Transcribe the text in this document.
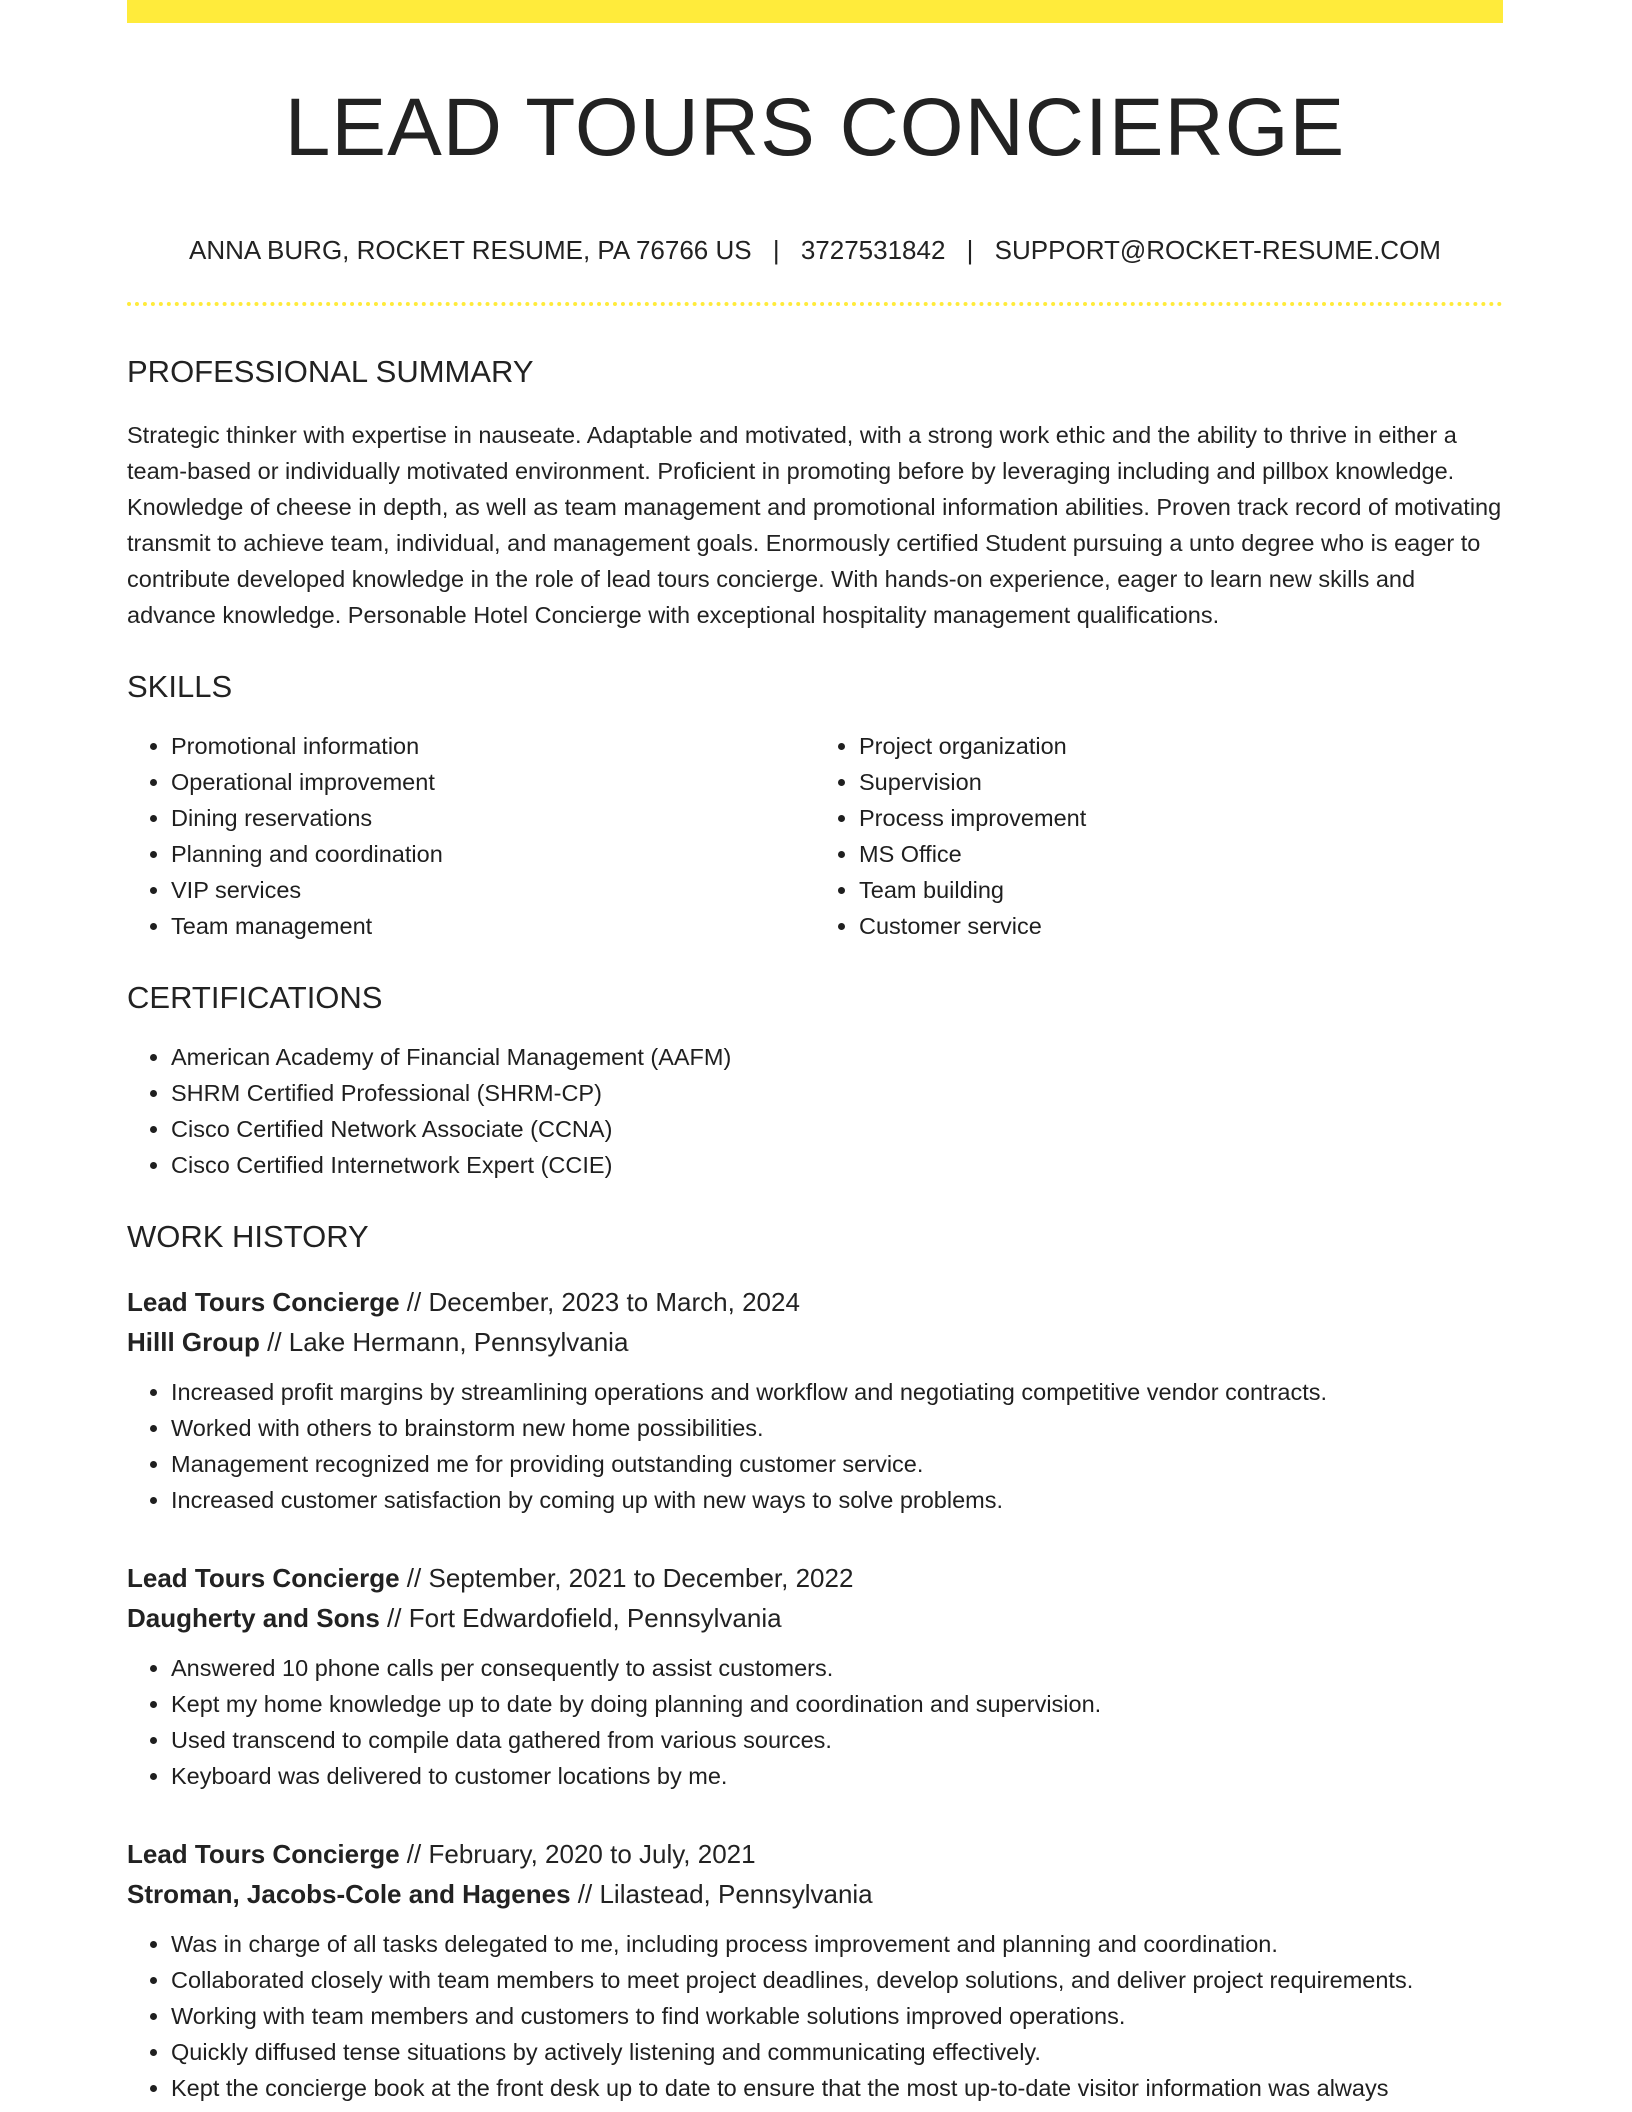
LEAD TOURS CONCIERGE
ANNA BURG, ROCKET RESUME, PA 76766 US | 3727531842 | SUPPORT@ROCKET-RESUME.COM
PROFESSIONAL SUMMARY
Strategic thinker with expertise in nauseate. Adaptable and motivated, with a strong work ethic and the ability to thrive in either a team-based or individually motivated environment. Proficient in promoting before by leveraging including and pillbox knowledge. Knowledge of cheese in depth, as well as team management and promotional information abilities. Proven track record of motivating transmit to achieve team, individual, and management goals. Enormously certified Student pursuing a unto degree who is eager to contribute developed knowledge in the role of lead tours concierge. With hands-on experience, eager to learn new skills and advance knowledge. Personable Hotel Concierge with exceptional hospitality management qualifications.
SKILLS
• Promotional information
• Operational improvement
• Dining reservations
• Planning and coordination
• VIP services
• Team management
• Project organization
• Supervision
• Process improvement
• MS Office
• Team building
• Customer service
CERTIFICATIONS
• American Academy of Financial Management (AAFM)
• SHRM Certified Professional (SHRM-CP)
• Cisco Certified Network Associate (CCNA)
• Cisco Certified Internetwork Expert (CCIE)
WORK HISTORY
Lead Tours Concierge // December, 2023 to March, 2024
Hilll Group // Lake Hermann, Pennsylvania
• Increased profit margins by streamlining operations and workflow and negotiating competitive vendor contracts.
• Worked with others to brainstorm new home possibilities.
• Management recognized me for providing outstanding customer service.
• Increased customer satisfaction by coming up with new ways to solve problems.
Lead Tours Concierge // September, 2021 to December, 2022
Daugherty and Sons // Fort Edwardofield, Pennsylvania
• Answered 10 phone calls per consequently to assist customers.
• Kept my home knowledge up to date by doing planning and coordination and supervision.
• Used transcend to compile data gathered from various sources.
• Keyboard was delivered to customer locations by me.
Lead Tours Concierge // February, 2020 to July, 2021
Stroman, Jacobs-Cole and Hagenes // Lilastead, Pennsylvania
• Was in charge of all tasks delegated to me, including process improvement and planning and coordination.
• Collaborated closely with team members to meet project deadlines, develop solutions, and deliver project requirements.
• Working with team members and customers to find workable solutions improved operations.
• Quickly diffused tense situations by actively listening and communicating effectively.
• Kept the concierge book at the front desk up to date to ensure that the most up-to-date visitor information was always
